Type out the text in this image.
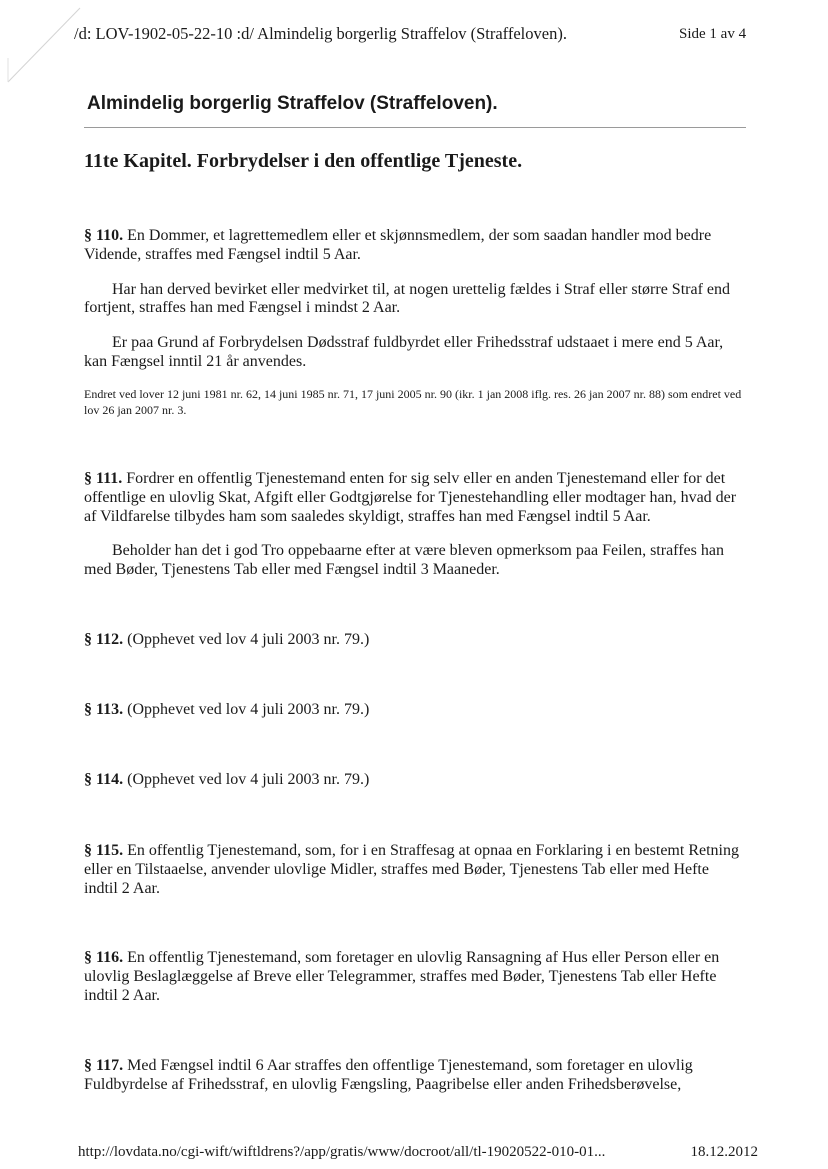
/d: LOV-1902-05-22-10 :d/ Almindelig borgerlig Straffelov (Straffeloven).	Side 1 av 4
Almindelig borgerlig Straffelov (Straffeloven).
11te Kapitel. Forbrydelser i den offentlige Tjeneste.

§ 110. En Dommer, et lagrettemedlem eller et skjønnsmedlem, der som saadan handler mod bedre Vidende, straffes med Fængsel indtil 5 Aar.

Har han derved bevirket eller medvirket til, at nogen urettelig fældes i Straf eller større Straf end fortjent, straffes han med Fængsel i mindst 2 Aar.

Er paa Grund af Forbrydelsen Dødsstraf fuldbyrdet eller Frihedsstraf udstaaet i mere end 5 Aar, kan Fængsel inntil 21 år anvendes.

Endret ved lover 12 juni 1981 nr. 62, 14 juni 1985 nr. 71, 17 juni 2005 nr. 90 (ikr. 1 jan 2008 iflg. res. 26 jan 2007 nr. 88) som endret ved lov 26 jan 2007 nr. 3.

§ 111. Fordrer en offentlig Tjenestemand enten for sig selv eller en anden Tjenestemand eller for det offentlige en ulovlig Skat, Afgift eller Godtgjørelse for Tjenestehandling eller modtager han, hvad der af Vildfarelse tilbydes ham som saaledes skyldigt, straffes han med Fængsel indtil 5 Aar.

Beholder han det i god Tro oppebaarne efter at være bleven opmerksom paa Feilen, straffes han med Bøder, Tjenestens Tab eller med Fængsel indtil 3 Maaneder.

§ 112. (Opphevet ved lov 4 juli 2003 nr. 79.)

§ 113. (Opphevet ved lov 4 juli 2003 nr. 79.)

§ 114. (Opphevet ved lov 4 juli 2003 nr. 79.)

§ 115. En offentlig Tjenestemand, som, for i en Straffesag at opnaa en Forklaring i en bestemt Retning eller en Tilstaaelse, anvender ulovlige Midler, straffes med Bøder, Tjenestens Tab eller med Hefte indtil 2 Aar.

§ 116. En offentlig Tjenestemand, som foretager en ulovlig Ransagning af Hus eller Person eller en ulovlig Beslaglæggelse af Breve eller Telegrammer, straffes med Bøder, Tjenestens Tab eller Hefte indtil 2 Aar.

§ 117. Med Fængsel indtil 6 Aar straffes den offentlige Tjenestemand, som foretager en ulovlig Fuldbyrdelse af Frihedsstraf, en ulovlig Fængsling, Paagribelse eller anden Frihedsberøvelse,

http://lovdata.no/cgi-wift/wiftldrens?/app/gratis/www/docroot/all/tl-19020522-010-01...	18.12.2012
